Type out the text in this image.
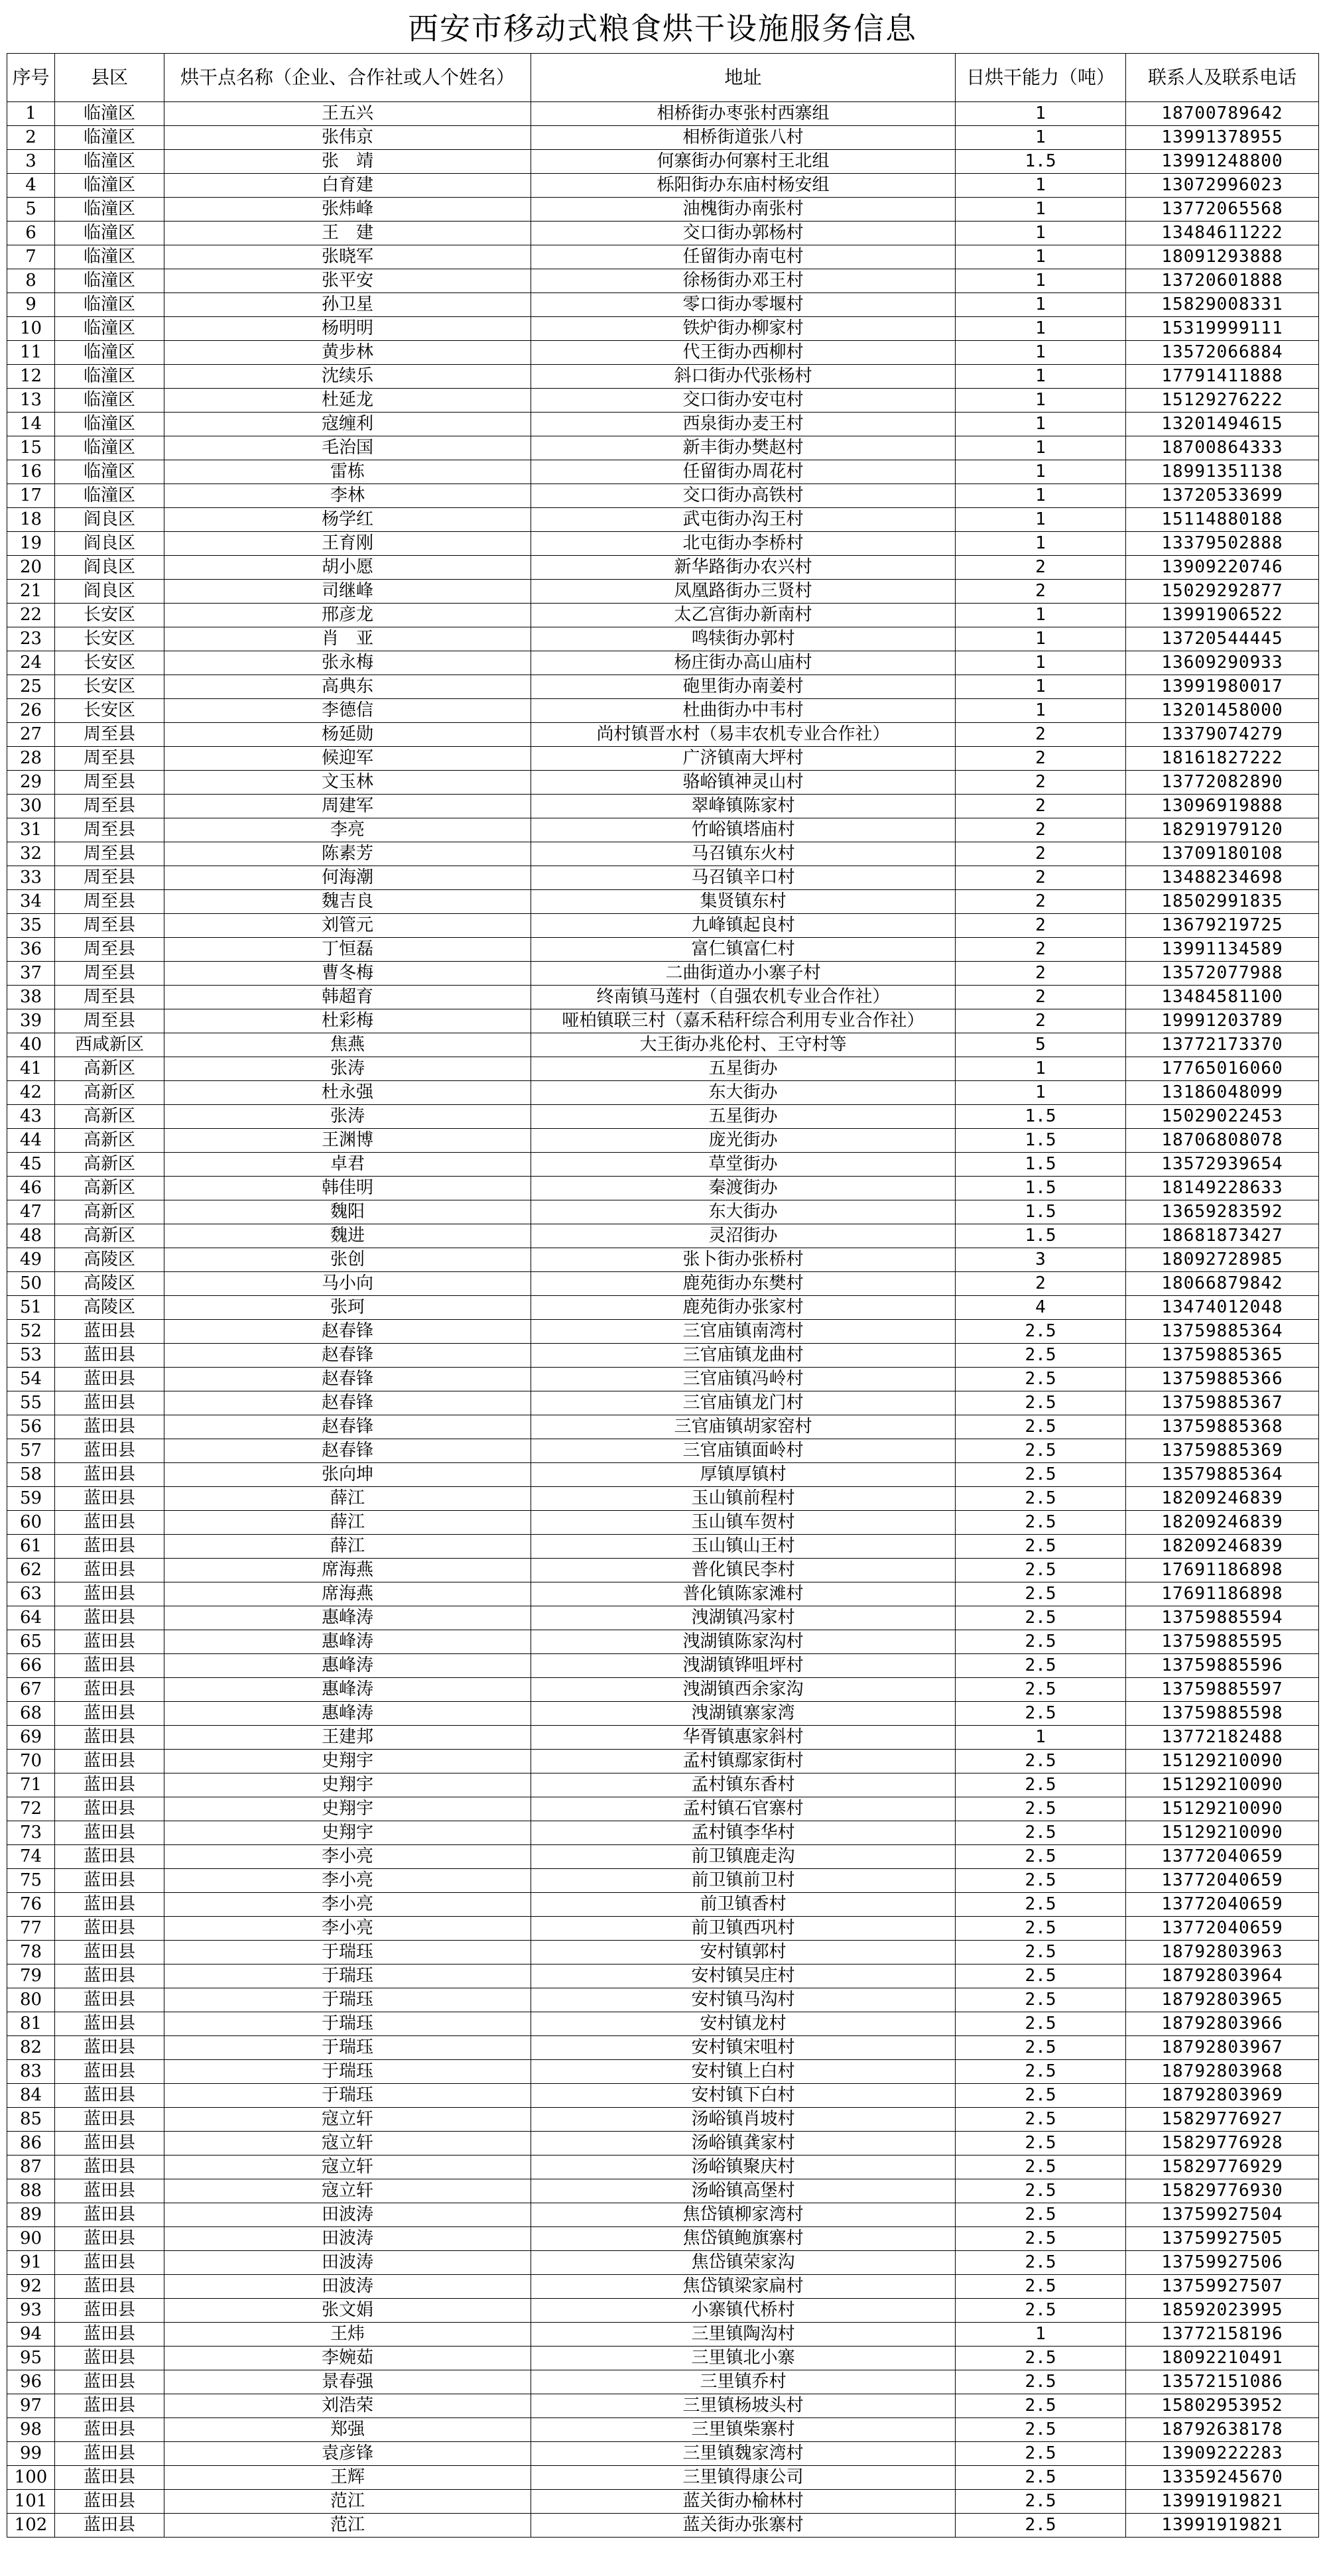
西安市移动式粮食烘干设施服务信息
序号	县区	烘干点名称（企业、合作社或人个姓名）	地址	日烘干能力（吨）	联系人及联系电话
1	临潼区	王五兴	相桥街办枣张村西寨组	1	18700789642
2	临潼区	张伟京	相桥街道张八村	1	13991378955
3	临潼区	张　靖	何寨街办何寨村王北组	1.5	13991248800
4	临潼区	白育建	栎阳街办东庙村杨安组	1	13072996023
5	临潼区	张炜峰	油槐街办南张村	1	13772065568
6	临潼区	王　建	交口街办郭杨村	1	13484611222
7	临潼区	张晓军	任留街办南屯村	1	18091293888
8	临潼区	张平安	徐杨街办邓王村	1	13720601888
9	临潼区	孙卫星	零口街办零堰村	1	15829008331
10	临潼区	杨明明	铁炉街办柳家村	1	15319999111
11	临潼区	黄步林	代王街办西柳村	1	13572066884
12	临潼区	沈续乐	斜口街办代张杨村	1	17791411888
13	临潼区	杜延龙	交口街办安屯村	1	15129276222
14	临潼区	寇缠利	西泉街办麦王村	1	13201494615
15	临潼区	毛治国	新丰街办樊赵村	1	18700864333
16	临潼区	雷栋	任留街办周花村	1	18991351138
17	临潼区	李林	交口街办高铁村	1	13720533699
18	阎良区	杨学红	武屯街办沟王村	1	15114880188
19	阎良区	王育刚	北屯街办李桥村	1	13379502888
20	阎良区	胡小愿	新华路街办农兴村	2	13909220746
21	阎良区	司继峰	凤凰路街办三贤村	2	15029292877
22	长安区	邢彦龙	太乙宫街办新南村	1	13991906522
23	长安区	肖　亚	鸣犊街办郭村	1	13720544445
24	长安区	张永梅	杨庄街办高山庙村	1	13609290933
25	长安区	高典东	砲里街办南姜村	1	13991980017
26	长安区	李德信	杜曲街办中韦村	1	13201458000
27	周至县	杨延勋	尚村镇晋水村（易丰农机专业合作社）	2	13379074279
28	周至县	候迎军	广济镇南大坪村	2	18161827222
29	周至县	文玉林	骆峪镇神灵山村	2	13772082890
30	周至县	周建军	翠峰镇陈家村	2	13096919888
31	周至县	李亮	竹峪镇塔庙村	2	18291979120
32	周至县	陈素芳	马召镇东火村	2	13709180108
33	周至县	何海潮	马召镇辛口村	2	13488234698
34	周至县	魏吉良	集贤镇东村	2	18502991835
35	周至县	刘管元	九峰镇起良村	2	13679219725
36	周至县	丁恒磊	富仁镇富仁村	2	13991134589
37	周至县	曹冬梅	二曲街道办小寨子村	2	13572077988
38	周至县	韩超育	终南镇马莲村（自强农机专业合作社）	2	13484581100
39	周至县	杜彩梅	哑柏镇联三村（嘉禾秸秆综合利用专业合作社）	2	19991203789
40	西咸新区	焦燕	大王街办兆伦村、王守村等	5	13772173370
41	高新区	张涛	五星街办	1	17765016060
42	高新区	杜永强	东大街办	1	13186048099
43	高新区	张涛	五星街办	1.5	15029022453
44	高新区	王渊博	庞光街办	1.5	18706808078
45	高新区	卓君	草堂街办	1.5	13572939654
46	高新区	韩佳明	秦渡街办	1.5	18149228633
47	高新区	魏阳	东大街办	1.5	13659283592
48	高新区	魏进	灵沼街办	1.5	18681873427
49	高陵区	张创	张卜街办张桥村	3	18092728985
50	高陵区	马小向	鹿苑街办东樊村	2	18066879842
51	高陵区	张珂	鹿苑街办张家村	4	13474012048
52	蓝田县	赵春锋	三官庙镇南湾村	2.5	13759885364
53	蓝田县	赵春锋	三官庙镇龙曲村	2.5	13759885365
54	蓝田县	赵春锋	三官庙镇冯岭村	2.5	13759885366
55	蓝田县	赵春锋	三官庙镇龙门村	2.5	13759885367
56	蓝田县	赵春锋	三官庙镇胡家窑村	2.5	13759885368
57	蓝田县	赵春锋	三官庙镇面岭村	2.5	13759885369
58	蓝田县	张向坤	厚镇厚镇村	2.5	13579885364
59	蓝田县	薛江	玉山镇前程村	2.5	18209246839
60	蓝田县	薛江	玉山镇车贺村	2.5	18209246839
61	蓝田县	薛江	玉山镇山王村	2.5	18209246839
62	蓝田县	席海燕	普化镇民李村	2.5	17691186898
63	蓝田县	席海燕	普化镇陈家滩村	2.5	17691186898
64	蓝田县	惠峰涛	洩湖镇冯家村	2.5	13759885594
65	蓝田县	惠峰涛	洩湖镇陈家沟村	2.5	13759885595
66	蓝田县	惠峰涛	洩湖镇铧咀坪村	2.5	13759885596
67	蓝田县	惠峰涛	洩湖镇西余家沟	2.5	13759885597
68	蓝田县	惠峰涛	洩湖镇寨家湾	2.5	13759885598
69	蓝田县	王建邦	华胥镇惠家斜村	1	13772182488
70	蓝田县	史翔宇	孟村镇鄢家街村	2.5	15129210090
71	蓝田县	史翔宇	孟村镇东香村	2.5	15129210090
72	蓝田县	史翔宇	孟村镇石官寨村	2.5	15129210090
73	蓝田县	史翔宇	孟村镇李华村	2.5	15129210090
74	蓝田县	李小亮	前卫镇鹿走沟	2.5	13772040659
75	蓝田县	李小亮	前卫镇前卫村	2.5	13772040659
76	蓝田县	李小亮	前卫镇香村	2.5	13772040659
77	蓝田县	李小亮	前卫镇西巩村	2.5	13772040659
78	蓝田县	于瑞珏	安村镇郭村	2.5	18792803963
79	蓝田县	于瑞珏	安村镇吴庄村	2.5	18792803964
80	蓝田县	于瑞珏	安村镇马沟村	2.5	18792803965
81	蓝田县	于瑞珏	安村镇龙村	2.5	18792803966
82	蓝田县	于瑞珏	安村镇宋咀村	2.5	18792803967
83	蓝田县	于瑞珏	安村镇上白村	2.5	18792803968
84	蓝田县	于瑞珏	安村镇下白村	2.5	18792803969
85	蓝田县	寇立轩	汤峪镇肖坡村	2.5	15829776927
86	蓝田县	寇立轩	汤峪镇龚家村	2.5	15829776928
87	蓝田县	寇立轩	汤峪镇聚庆村	2.5	15829776929
88	蓝田县	寇立轩	汤峪镇高堡村	2.5	15829776930
89	蓝田县	田波涛	焦岱镇柳家湾村	2.5	13759927504
90	蓝田县	田波涛	焦岱镇鲍旗寨村	2.5	13759927505
91	蓝田县	田波涛	焦岱镇荣家沟	2.5	13759927506
92	蓝田县	田波涛	焦岱镇梁家扁村	2.5	13759927507
93	蓝田县	张文娟	小寨镇代桥村	2.5	18592023995
94	蓝田县	王炜	三里镇陶沟村	1	13772158196
95	蓝田县	李婉茹	三里镇北小寨	2.5	18092210491
96	蓝田县	景春强	三里镇乔村	2.5	13572151086
97	蓝田县	刘浩荣	三里镇杨坡头村	2.5	15802953952
98	蓝田县	郑强	三里镇柴寨村	2.5	18792638178
99	蓝田县	袁彦锋	三里镇魏家湾村	2.5	13909222283
100	蓝田县	王辉	三里镇得康公司	2.5	13359245670
101	蓝田县	范江	蓝关街办榆林村	2.5	13991919821
102	蓝田县	范江	蓝关街办张寨村	2.5	13991919821
